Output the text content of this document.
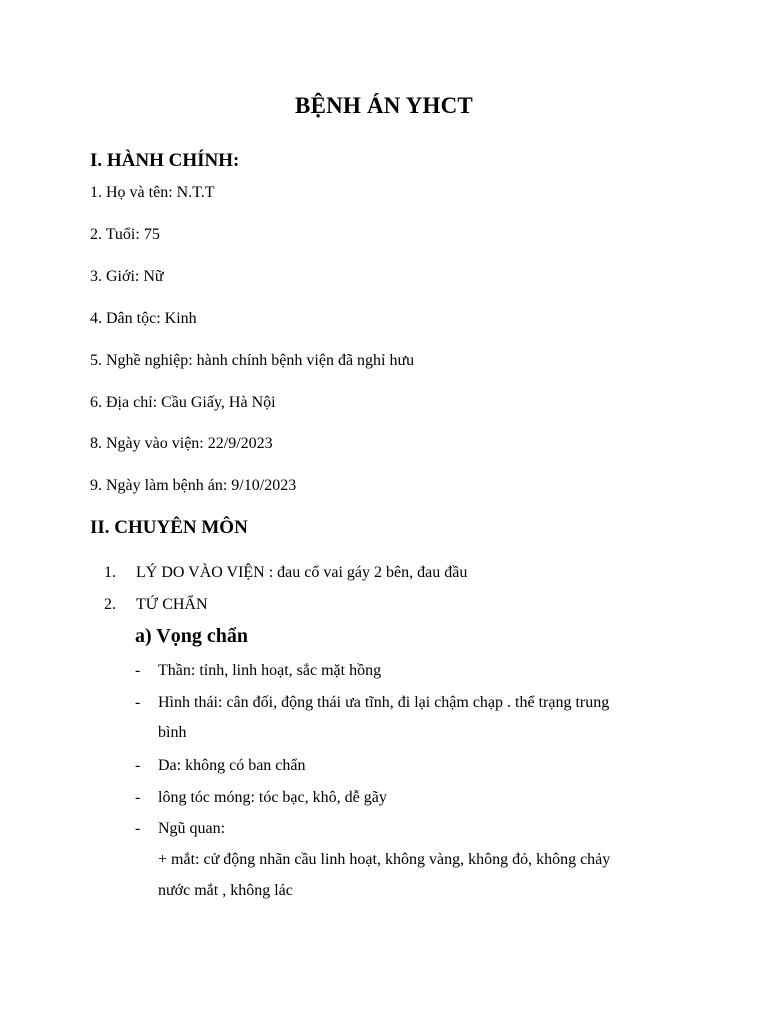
BỆNH ÁN YHCT
I. HÀNH CHÍNH:
1. Họ và tên: N.T.T
2. Tuổi: 75
3. Giới: Nữ
4. Dân tộc: Kinh
5. Nghề nghiệp: hành chính bệnh viện đã nghỉ hưu
6. Địa chỉ: Cầu Giấy, Hà Nội
8. Ngày vào viện: 22/9/2023
9. Ngày làm bệnh án: 9/10/2023
II. CHUYÊN MÔN
1. LÝ DO VÀO VIỆN : đau cổ vai gáy 2 bên, đau đầu
2. TỨ CHẨN
a) Vọng chẩn
- Thần: tỉnh, linh hoạt, sắc mặt hồng
- Hình thái: cân đối, động thái ưa tĩnh, đi lại chậm chạp . thể trạng trung
bình
- Da: không có ban chẩn
- lông tóc móng: tóc bạc, khô, dễ gãy
- Ngũ quan:
+ mắt: cử động nhãn cầu linh hoạt, không vàng, không đỏ, không chảy
nước mắt , không lác
